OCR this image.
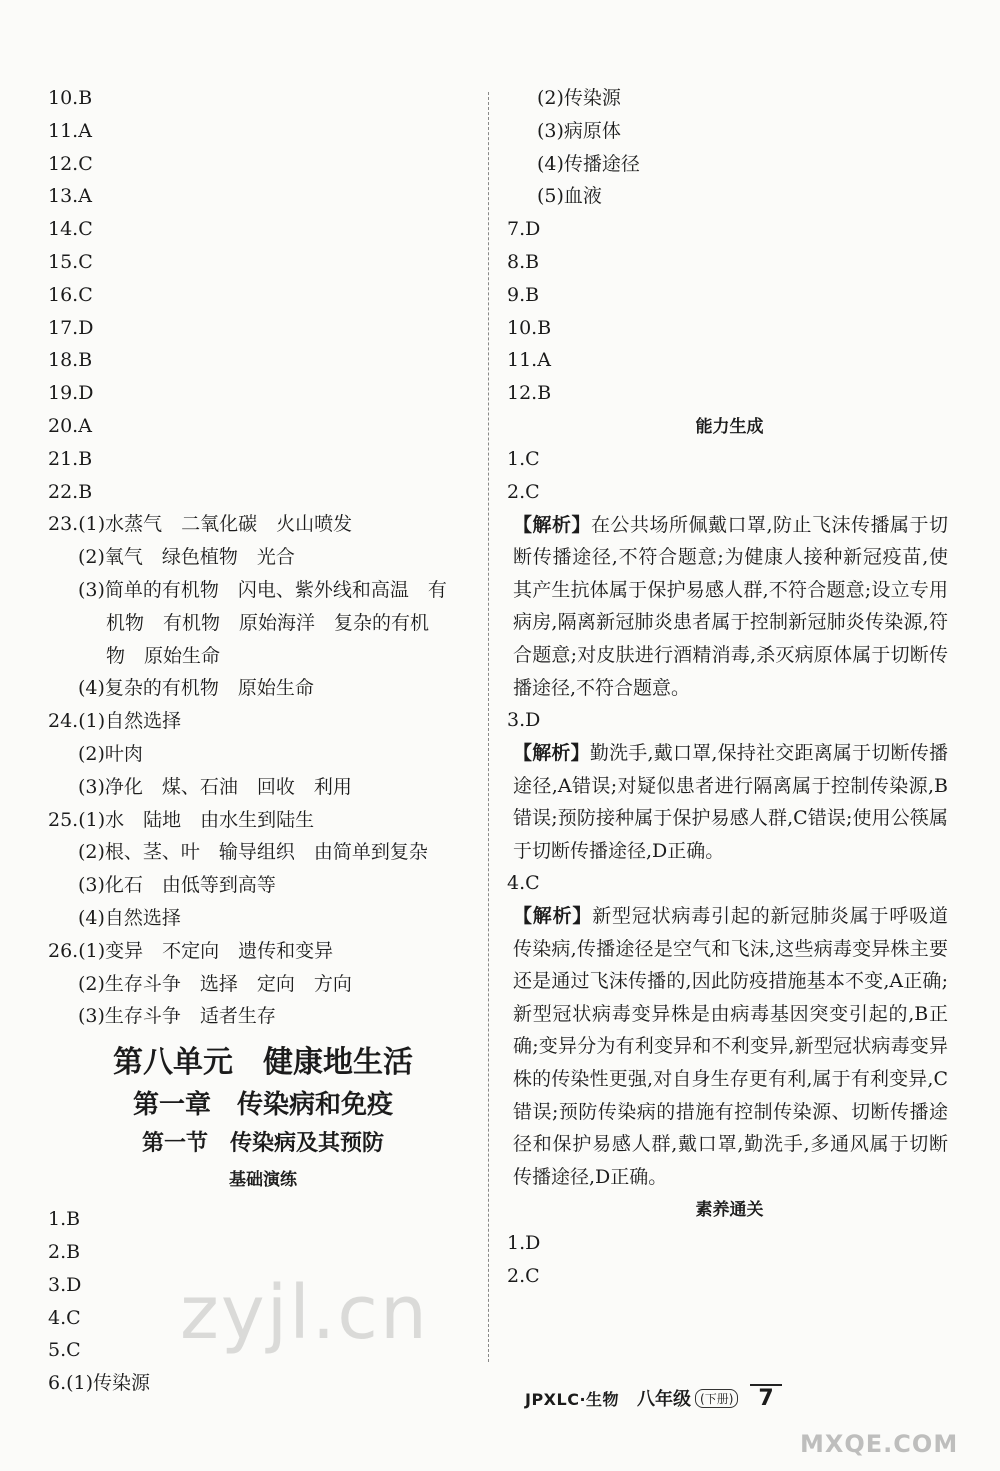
10.B
11.A
12.C
13.A
14.C
15.C
16.C
17.D
18.B
19.D
20.A
21.B
22.B
23.(1)水蒸气　二氧化碳　火山喷发
(2)氧气　绿色植物　光合
(3)简单的有机物　闪电、紫外线和高温　有
机物　有机物　原始海洋　复杂的有机
物　原始生命
(4)复杂的有机物　原始生命
24.(1)自然选择
(2)叶肉
(3)净化　煤、石油　回收　利用
25.(1)水　陆地　由水生到陆生
(2)根、茎、叶　输导组织　由简单到复杂
(3)化石　由低等到高等
(4)自然选择
26.(1)变异　不定向　遗传和变异
(2)生存斗争　选择　定向　方向
(3)生存斗争　适者生存
第八单元　健康地生活
第一章　传染病和免疫
第一节　传染病及其预防
基础演练
1.B
2.B
3.D
4.C
5.C
6.(1)传染源
(2)传染源
(3)病原体
(4)传播途径
(5)血液
7.D
8.B
9.B
10.B
11.A
12.B
能力生成
1.C
2.C
【解析】在公共场所佩戴口罩,防止飞沫传播属于切断传播途径,不符合题意;为健康人接种新冠疫苗,使其产生抗体属于保护易感人群,不符合题意;设立专用病房,隔离新冠肺炎患者属于控制新冠肺炎传染源,符合题意;对皮肤进行酒精消毒,杀灭病原体属于切断传播途径,不符合题意。
3.D
【解析】勤洗手,戴口罩,保持社交距离属于切断传播途径,A错误;对疑似患者进行隔离属于控制传染源,B错误;预防接种属于保护易感人群,C错误;使用公筷属于切断传播途径,D正确。
4.C
【解析】新型冠状病毒引起的新冠肺炎属于呼吸道传染病,传播途径是空气和飞沫,这些病毒变异株主要还是通过飞沫传播的,因此防疫措施基本不变,A正确;新型冠状病毒变异株是由病毒基因突变引起的,B正确;变异分为有利变异和不利变异,新型冠状病毒变异株的传染性更强,对自身生存更有利,属于有利变异,C错误;预防传染病的措施有控制传染源、切断传播途径和保护易感人群,戴口罩,勤洗手,多通风属于切断传播途径,D正确。
素养通关
1.D
2.C
JPXLC·生物 八年级 (下册)	7
zyjl.cn
MXQE.COM
